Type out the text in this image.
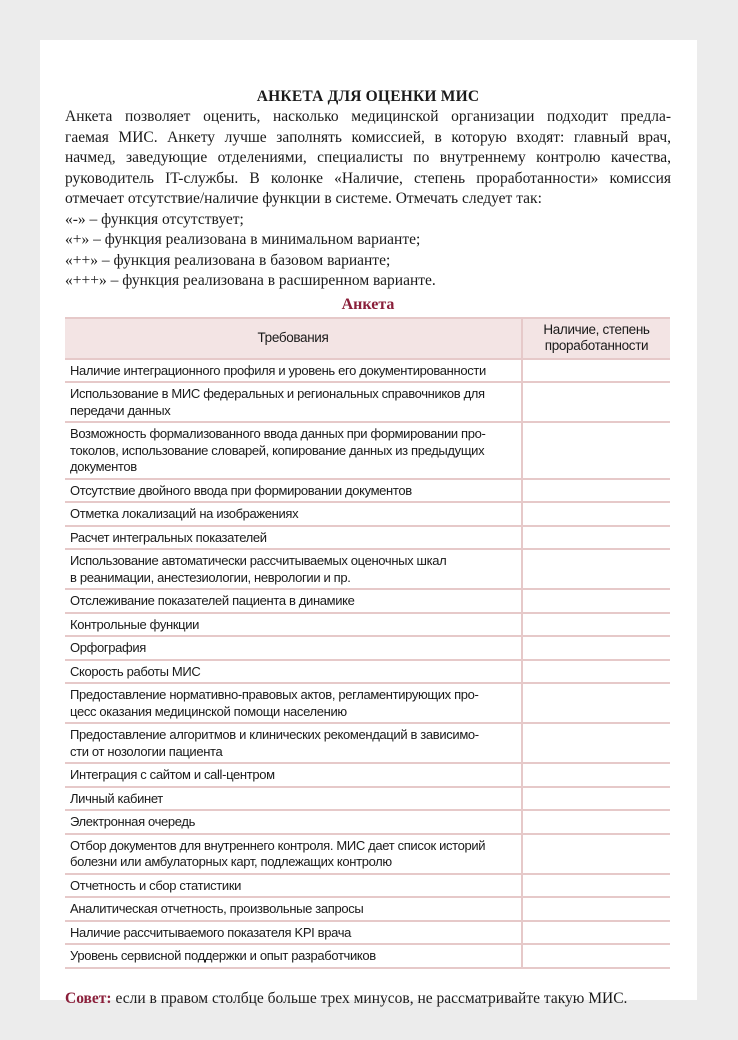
АНКЕТА ДЛЯ ОЦЕНКИ МИС
Анкета позволяет оценить, насколько медицинской организации подходит предла-
гаемая МИС. Анкету лучше заполнять комиссией, в которую входят: главный врач,
начмед, заведующие отделениями, специалисты по внутреннему контролю качества,
руководитель IT-службы. В колонке «Наличие, степень проработанности» комиссия
отмечает отсутствие/наличие функции в системе. Отмечать следует так:
«-» – функция отсутствует;
«+» – функция реализована в минимальном варианте;
«++» – функция реализована в базовом варианте;
«+++» – функция реализована в расширенном варианте.
Анкета
Требования	Наличие, степень проработанности
Наличие интеграционного профиля и уровень его документированности	
Использование в МИС федеральных и региональных справочников для
передачи данных	
Возможность формализованного ввода данных при формировании про-
токолов, использование словарей, копирование данных из предыдущих
документов	
Отсутствие двойного ввода при формировании документов	
Отметка локализаций на изображениях	
Расчет интегральных показателей	
Использование автоматически рассчитываемых оценочных шкал
в реанимации, анестезиологии, неврологии и пр.	
Отслеживание показателей пациента в динамике	
Контрольные функции	
Орфография	
Скорость работы МИС	
Предоставление нормативно-правовых актов, регламентирующих про-
цесс оказания медицинской помощи населению	
Предоставление алгоритмов и клинических рекомендаций в зависимо-
сти от нозологии пациента	
Интеграция с сайтом и call-центром	
Личный кабинет	
Электронная очередь	
Отбор документов для внутреннего контроля. МИС дает список историй
болезни или амбулаторных карт, подлежащих контролю	
Отчетность и сбор статистики	
Аналитическая отчетность, произвольные запросы	
Наличие рассчитываемого показателя KPI врача	
Уровень сервисной поддержки и опыт разработчиков	
Совет: если в правом столбце больше трех минусов, не рассматривайте такую МИС.
